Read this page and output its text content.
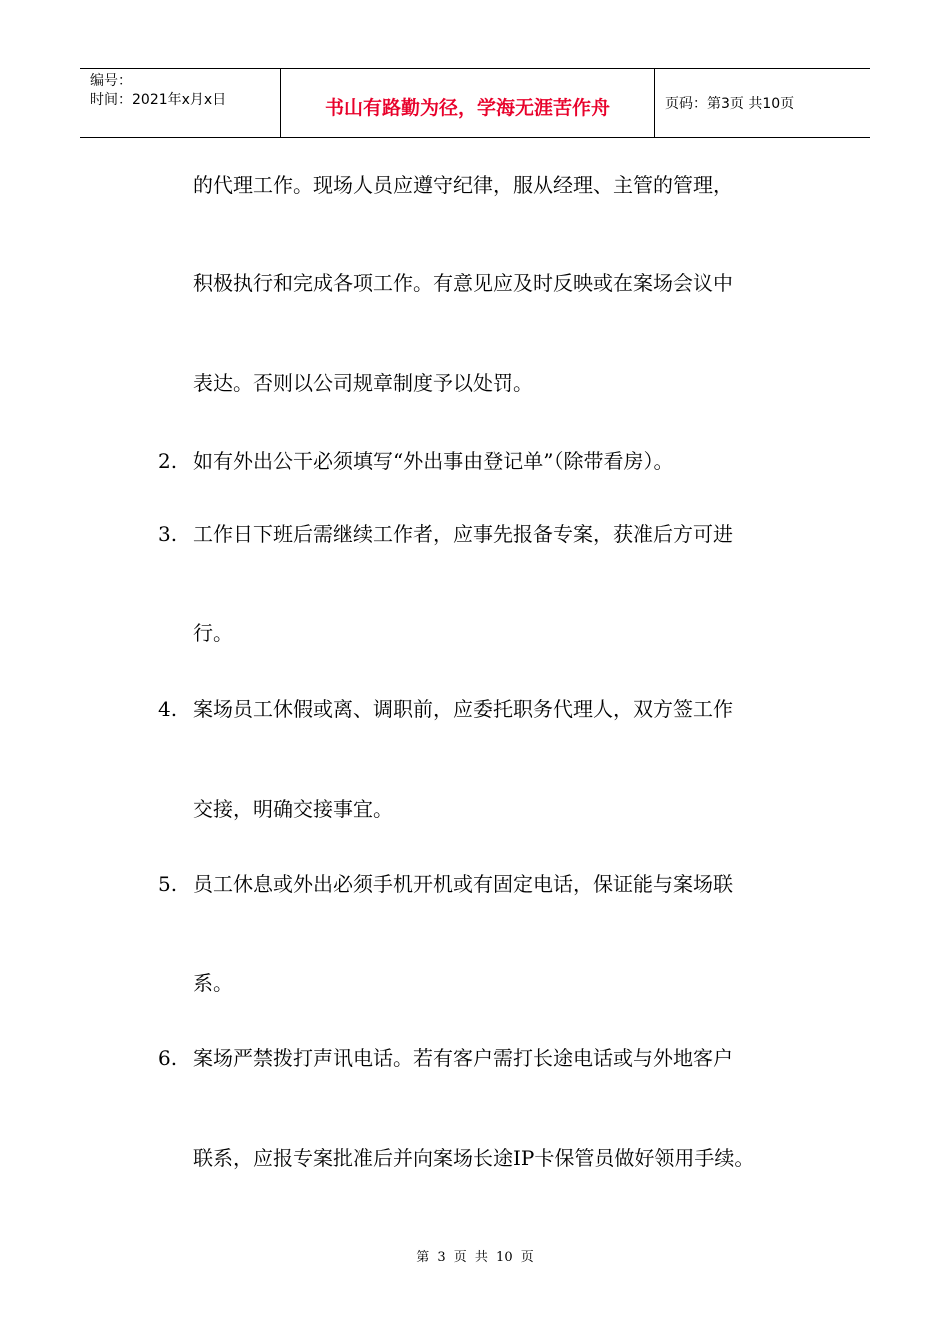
编号：
时间：2021年x月x日	书山有路勤为径，学海无涯苦作舟	页码：第3页 共10页
的代理工作。现场人员应遵守纪律，服从经理、主管的管理，
积极执行和完成各项工作。有意见应及时反映或在案场会议中
表达。否则以公司规章制度予以处罚。
2. 如有外出公干必须填写“外出事由登记单”（除带看房）。
3. 工作日下班后需继续工作者，应事先报备专案，获准后方可进
行。
4. 案场员工休假或离、调职前，应委托职务代理人，双方签工作
交接，明确交接事宜。
5. 员工休息或外出必须手机开机或有固定电话，保证能与案场联
系。
6. 案场严禁拨打声讯电话。若有客户需打长途电话或与外地客户
联系，应报专案批准后并向案场长途IP卡保管员做好领用手续。
第 3 页 共 10 页
